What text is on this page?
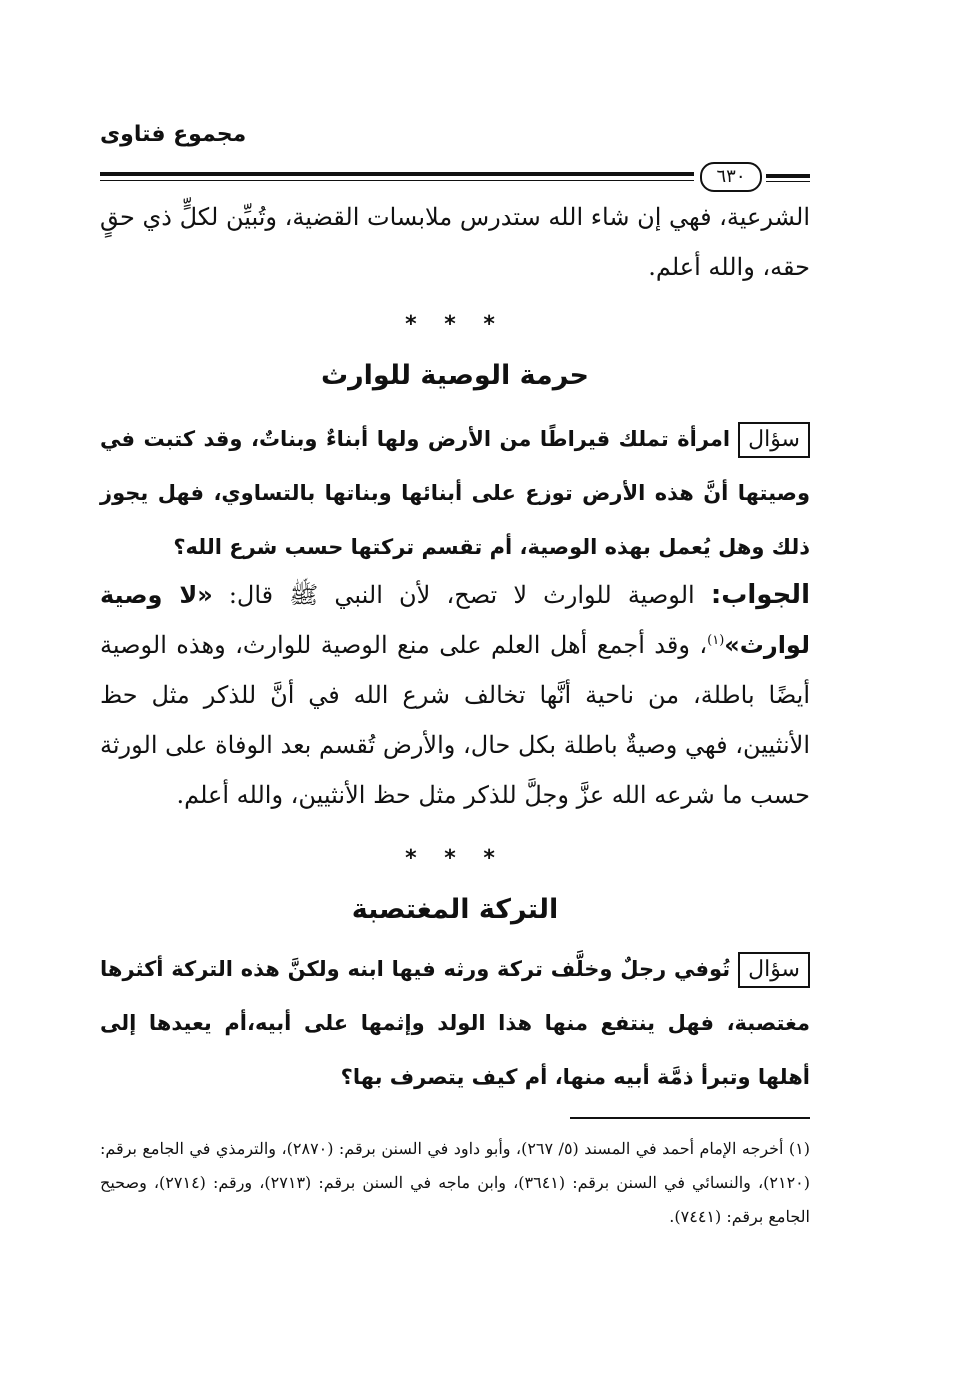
مجموع فتاوى
٦٣٠
الشرعية، فهي إن شاء الله ستدرس ملابسات القضية، وتُبيِّن لكلٍّ ذي حقٍ حقه، والله أعلم.
* * *
حرمة الوصية للوارث
سؤالامرأة تملك قيراطًا من الأرض ولها أبناءٌ وبناتٌ، وقد كتبت في وصيتها أنَّ هذه الأرض توزع على أبنائها وبناتها بالتساوي، فهل يجوز ذلك وهل يُعمل بهذه الوصية، أم تقسم تركتها حسب شرع الله؟
الجواب: الوصية للوارث لا تصح، لأن النبي ﷺ قال: «لا وصية لوارث»$^{(١)}$، وقد أجمع أهل العلم على منع الوصية للوارث، وهذه الوصية أيضًا باطلة، من ناحية أنَّها تخالف شرع الله في أنَّ للذكر مثل حظ الأنثيين، فهي وصيةٌ باطلة بكل حال، والأرض تُقسم بعد الوفاة على الورثة حسب ما شرعه الله عزَّ وجلَّ للذكر مثل حظ الأنثيين، والله أعلم.
* * *
التركة المغتصبة
سؤالتُوفي رجلٌ وخلَّف تركة ورثه فيها ابنه ولكنَّ هذه التركة أكثرها مغتصبة، فهل ينتفع منها هذا الولد وإثمها على أبيه،أم يعيدها إلى أهلها وتبرأ ذمَّة أبيه منها، أم كيف يتصرف بها؟
(١) أخرجه الإمام أحمد في المسند (٥/ ٢٦٧)، وأبو داود في السنن برقم: (٢٨٧٠)، والترمذي في الجامع برقم: (٢١٢٠)، والنسائي في السنن برقم: (٣٦٤١)، وابن ماجه في السنن برقم: (٢٧١٣)، ورقم: (٢٧١٤)، وصحيح الجامع برقم: (٧٤٤١).
